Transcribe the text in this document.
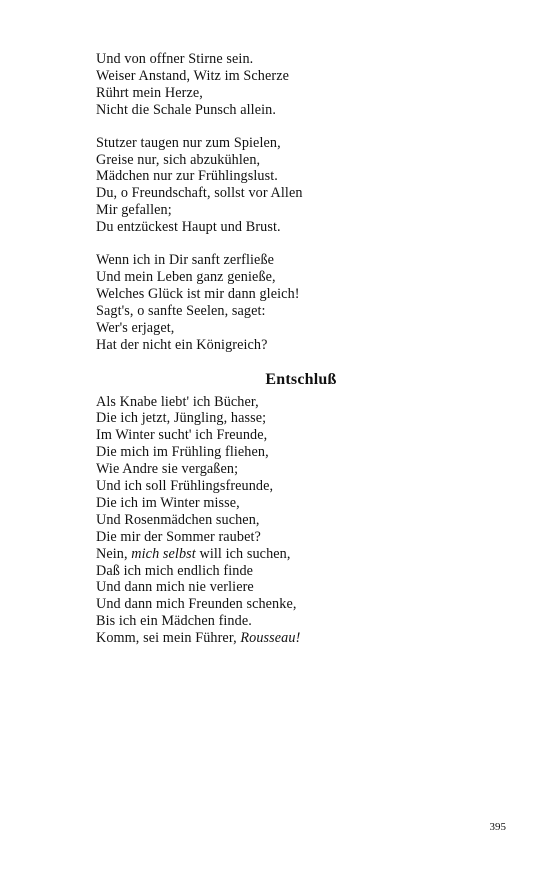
Und von offner Stirne sein.
Weiser Anstand, Witz im Scherze
Rührt mein Herze,
Nicht die Schale Punsch allein.
Stutzer taugen nur zum Spielen,
Greise nur, sich abzukühlen,
Mädchen nur zur Frühlingslust.
Du, o Freundschaft, sollst vor Allen
Mir gefallen;
Du entzückest Haupt und Brust.
Wenn ich in Dir sanft zerfließe
Und mein Leben ganz genieße,
Welches Glück ist mir dann gleich!
Sagt's, o sanfte Seelen, saget:
Wer's erjaget,
Hat der nicht ein Königreich?
Entschluß
Als Knabe liebt' ich Bücher,
Die ich jetzt, Jüngling, hasse;
Im Winter sucht' ich Freunde,
Die mich im Frühling fliehen,
Wie Andre sie vergaßen;
Und ich soll Frühlingsfreunde,
Die ich im Winter misse,
Und Rosenmädchen suchen,
Die mir der Sommer raubet?
Nein, mich selbst will ich suchen,
Daß ich mich endlich finde
Und dann mich nie verliere
Und dann mich Freunden schenke,
Bis ich ein Mädchen finde.
Komm, sei mein Führer, Rousseau!
395
